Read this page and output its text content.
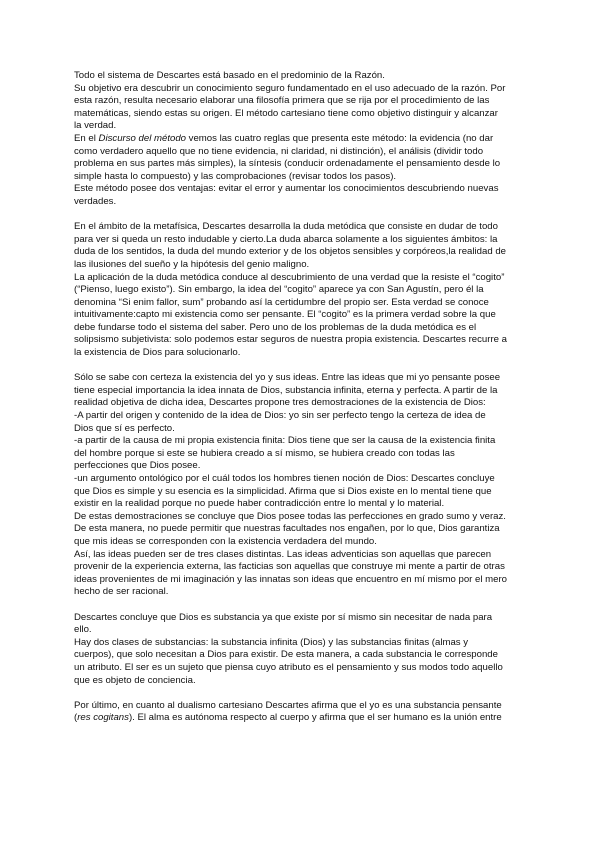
Todo el sistema de Descartes está basado en el predominio de la Razón.
Su objetivo era descubrir un conocimiento seguro fundamentado en el uso adecuado de la razón. Por
esta razón, resulta necesario elaborar una filosofía primera que se rija por el procedimiento de las
matemáticas, siendo estas su origen. El método cartesiano tiene como objetivo distinguir y alcanzar
la verdad.
En el Discurso del método vemos las cuatro reglas que presenta este método: la evidencia (no dar
como verdadero aquello que no tiene evidencia, ni claridad, ni distinción), el análisis (dividir todo
problema en sus partes más simples), la síntesis (conducir ordenadamente el pensamiento desde lo
simple hasta lo compuesto) y las comprobaciones (revisar todos los pasos).
Este método posee dos ventajas: evitar el error y aumentar los conocimientos descubriendo nuevas
verdades.
En el ámbito de la metafísica, Descartes desarrolla la duda metódica que consiste en dudar de todo
para ver si queda un resto indudable y cierto.La duda abarca solamente a los siguientes ámbitos: la
duda de los sentidos, la duda del mundo exterior y de los objetos sensibles y corpóreos,la realidad de
las ilusiones del sueño y la hipótesis del genio maligno.
La aplicación de la duda metódica conduce al descubrimiento de una verdad que la resiste el “cogito”
(“Pienso, luego existo”). Sin embargo, la idea del “cogito” aparece ya con San Agustín, pero él la
denomina “Si enim fallor, sum” probando así la certidumbre del propio ser. Esta verdad se conoce
intuitivamente:capto mi existencia como ser pensante. El “cogito” es la primera verdad sobre la que
debe fundarse todo el sistema del saber. Pero uno de los problemas de la duda metódica es el
solipsismo subjetivista: solo podemos estar seguros de nuestra propia existencia. Descartes recurre a
la existencia de Dios para solucionarlo.
Sólo se sabe con certeza la existencia del yo y sus ideas. Entre las ideas que mi yo pensante posee
tiene especial importancia la idea innata de Dios, substancia infinita, eterna y perfecta. A partir de la
realidad objetiva de dicha idea, Descartes propone tres demostraciones de la existencia de Dios:
-A partir del origen y contenido de la idea de Dios: yo sin ser perfecto tengo la certeza de idea de
Dios que sí es perfecto.
-a partir de la causa de mi propia existencia finita: Dios tiene que ser la causa de la existencia finita
del hombre porque si este se hubiera creado a sí mismo, se hubiera creado con todas las
perfecciones que Dios posee.
-un argumento ontológico por el cuál todos los hombres tienen noción de Dios: Descartes concluye
que Dios es simple y su esencia es la simplicidad. Afirma que si Dios existe en lo mental tiene que
existir en la realidad porque no puede haber contradicción entre lo mental y lo material.
De estas demostraciones se concluye que Dios posee todas las perfecciones en grado sumo y veraz.
De esta manera, no puede permitir que nuestras facultades nos engañen, por lo que, Dios garantiza
que mis ideas se corresponden con la existencia verdadera del mundo.
Así, las ideas pueden ser de tres clases distintas. Las ideas adventicias son aquellas que parecen
provenir de la experiencia externa, las facticias son aquellas que construye mi mente a partir de otras
ideas provenientes de mi imaginación y las innatas son ideas que encuentro en mí mismo por el mero
hecho de ser racional.
Descartes concluye que Dios es substancia ya que existe por sí mismo sin necesitar de nada para
ello.
Hay dos clases de substancias: la substancia infinita (Dios) y las substancias finitas (almas y
cuerpos), que solo necesitan a Dios para existir. De esta manera, a cada substancia le corresponde
un atributo. El ser es un sujeto que piensa cuyo atributo es el pensamiento y sus modos todo aquello
que es objeto de conciencia.
Por último, en cuanto al dualismo cartesiano Descartes afirma que el yo es una substancia pensante
(res cogitans). El alma es autónoma respecto al cuerpo y afirma que el ser humano es la unión entre
